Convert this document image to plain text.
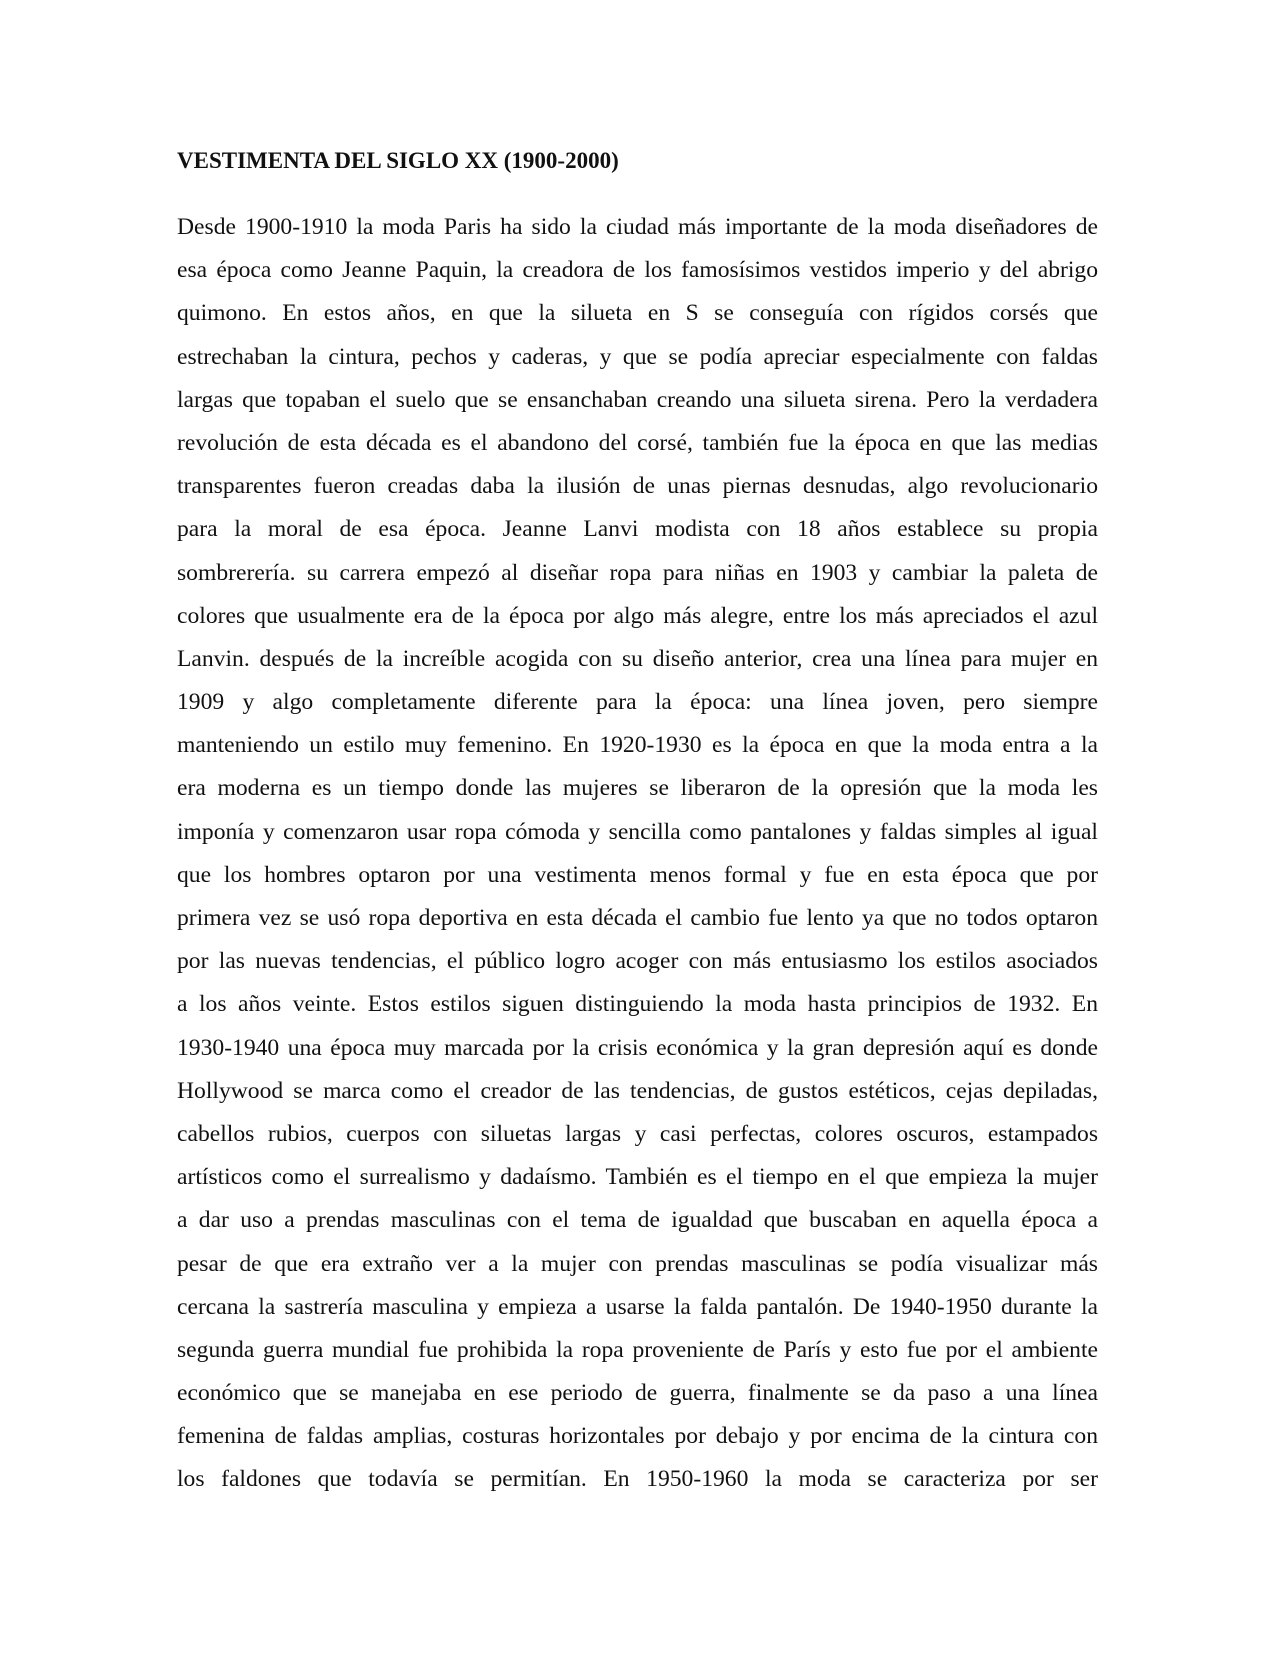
VESTIMENTA DEL SIGLO XX (1900-2000)
Desde 1900-1910 la moda Paris ha sido la ciudad más importante de la moda diseñadores de
esa época como Jeanne Paquin, la creadora de los famosísimos vestidos imperio y del abrigo
quimono. En estos años, en que la silueta en S se conseguía con rígidos corsés que
estrechaban la cintura, pechos y caderas, y que se podía apreciar especialmente con faldas
largas que topaban el suelo que se ensanchaban creando una silueta sirena. Pero la verdadera
revolución de esta década es el abandono del corsé, también fue la época en que las medias
transparentes fueron creadas daba la ilusión de unas piernas desnudas, algo revolucionario
para la moral de esa época. Jeanne Lanvi modista con 18 años establece su propia
sombrerería. su carrera empezó al diseñar ropa para niñas en 1903 y cambiar la paleta de
colores que usualmente era de la época por algo más alegre, entre los más apreciados el azul
Lanvin. después de la increíble acogida con su diseño anterior, crea una línea para mujer en
1909 y algo completamente diferente para la época: una línea joven, pero siempre
manteniendo un estilo muy femenino. En 1920-1930 es la época en que la moda entra a la
era moderna es un tiempo donde las mujeres se liberaron de la opresión que la moda les
imponía y comenzaron usar ropa cómoda y sencilla como pantalones y faldas simples al igual
que los hombres optaron por una vestimenta menos formal y fue en esta época que por
primera vez se usó ropa deportiva en esta década el cambio fue lento ya que no todos optaron
por las nuevas tendencias, el público logro acoger con más entusiasmo los estilos asociados
a los años veinte. Estos estilos siguen distinguiendo la moda hasta principios de 1932. En
1930-1940 una época muy marcada por la crisis económica y la gran depresión aquí es donde
Hollywood se marca como el creador de las tendencias, de gustos estéticos, cejas depiladas,
cabellos rubios, cuerpos con siluetas largas y casi perfectas, colores oscuros, estampados
artísticos como el surrealismo y dadaísmo. También es el tiempo en el que empieza la mujer
a dar uso a prendas masculinas con el tema de igualdad que buscaban en aquella época a
pesar de que era extraño ver a la mujer con prendas masculinas se podía visualizar más
cercana la sastrería masculina y empieza a usarse la falda pantalón. De 1940-1950 durante la
segunda guerra mundial fue prohibida la ropa proveniente de París y esto fue por el ambiente
económico que se manejaba en ese periodo de guerra, finalmente se da paso a una línea
femenina de faldas amplias, costuras horizontales por debajo y por encima de la cintura con
los faldones que todavía se permitían. En 1950-1960 la moda se caracteriza por ser
